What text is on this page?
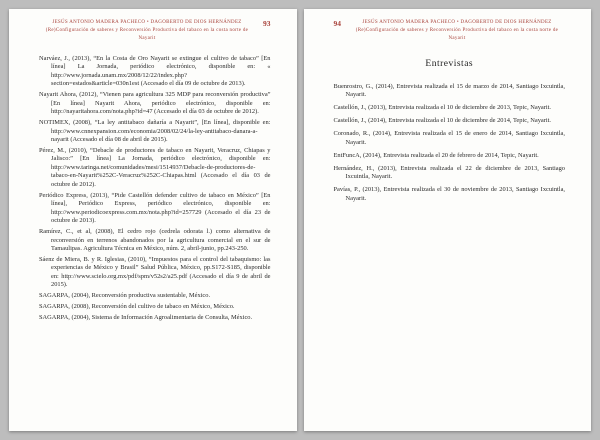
JESÚS ANTONIO MADERA PACHECO • DAGOBERTO DE DIOS HERNÁNDEZ
(Re)Configuración de saberes y Reconversión Productiva del tabaco en la costa norte de Nayarit
93

Narváez, J., (2013), “En la Costa de Oro Nayarit se extingue el cultivo de tabaco” [En línea] La Jornada, periódico electrónico, disponible en: « http://www.jornada.unam.mx/2008/12/22/index.php?section=estados&article=030n1est (Accesado el día 09 de octubre de 2013).

Nayarit Ahora, (2012), “Vienen para agricultura 325 MDP para reconversión productiva” [En línea] Nayarit Ahora, periódico electrónico, disponible en: http://nayaritahora.com/nota.php?id=47 (Accesado el día 03 de octubre de 2012).

NOTIMEX, (2008), “La ley antitabaco dañaría a Nayarit”, [En línea], disponible en: http://www.cnnexpansion.com/economia/2008/02/24/la-ley-antitabaco-danara-a-nayarit (Accesado el día 08 de abril de 2015).

Pérez, M., (2010), “Debacle de productores de tabaco en Nayarit, Veracruz, Chiapas y Jalisco:” [En línea] La Jornada, periódico electrónico, disponible en: http://www.taringa.net/comunidades/mesi/1514937/Debacle-de-productores-de-tabaco-en-Nayarit%252C-Veracruz%252C-Chiapas.html (Accesado el día 03 de octubre de 2012).

Periódico Express, (2013), “Pide Castellón defender cultivo de tabaco en México” [En línea], Periódico Express, periódico electrónico, disponible en: http://www.periodicoexpress.com.mx/nota.php?id=257729 (Accesado el día 23 de octubre de 2013).

Ramírez, C., et al, (2008), El cedro rojo (cedrela odorata l.) como alternativa de reconversión en terrenos abandonados por la agricultura comercial en el sur de Tamaulipas. Agricultura Técnica en México, núm. 2, abril-junio, pp.243-250.

Sáenz de Miera, B. y R. Iglesias, (2010), “Impuestos para el control del tabaquismo: las experiencias de México y Brasil” Salud Pública, México, pp.S172-S185, disponible en: http://www.scielo.org.mx/pdf/spm/v52s2/a25.pdf (Accesado el día 9 de abril de 2015).

SAGARPA, (2004), Reconversión productiva sustentable, México.

SAGARPA, (2008), Reconversión del cultivo de tabaco en México, México.

SAGARPA, (2004), Sistema de Información Agroalimentaria de Consulta, México.

94	JESÚS ANTONIO MADERA PACHECO • DAGOBERTO DE DIOS HERNÁNDEZ
(Re)Configuración de saberes y Reconversión Productiva del tabaco en la costa norte de Nayarit
Entrevistas

Buenrostro, G., (2014), Entrevista realizada el 15 de marzo de 2014, Santiago Ixcuintla, Nayarit.

Castellón, J., (2013), Entrevista realizada el 10 de diciembre de 2013, Tepic, Nayarit.

Castellón, J., (2014), Entrevista realizada el 10 de diciembre de 2014, Tepic, Nayarit.

Coronado, R., (2014), Entrevista realizada el 15 de enero de 2014, Santiago Ixcuintla, Nayarit.

EntFuncA, (2014), Entrevista realizada el 20 de febrero de 2014, Tepic, Nayarit.

Hernández, H., (2013), Entrevista realizada el 22 de diciembre de 2013, Santiago Ixcuintla, Nayarit.

Pavías, P., (2013), Entrevista realizada el 30 de noviembre de 2013, Santiago Ixcuintla, Nayarit.
